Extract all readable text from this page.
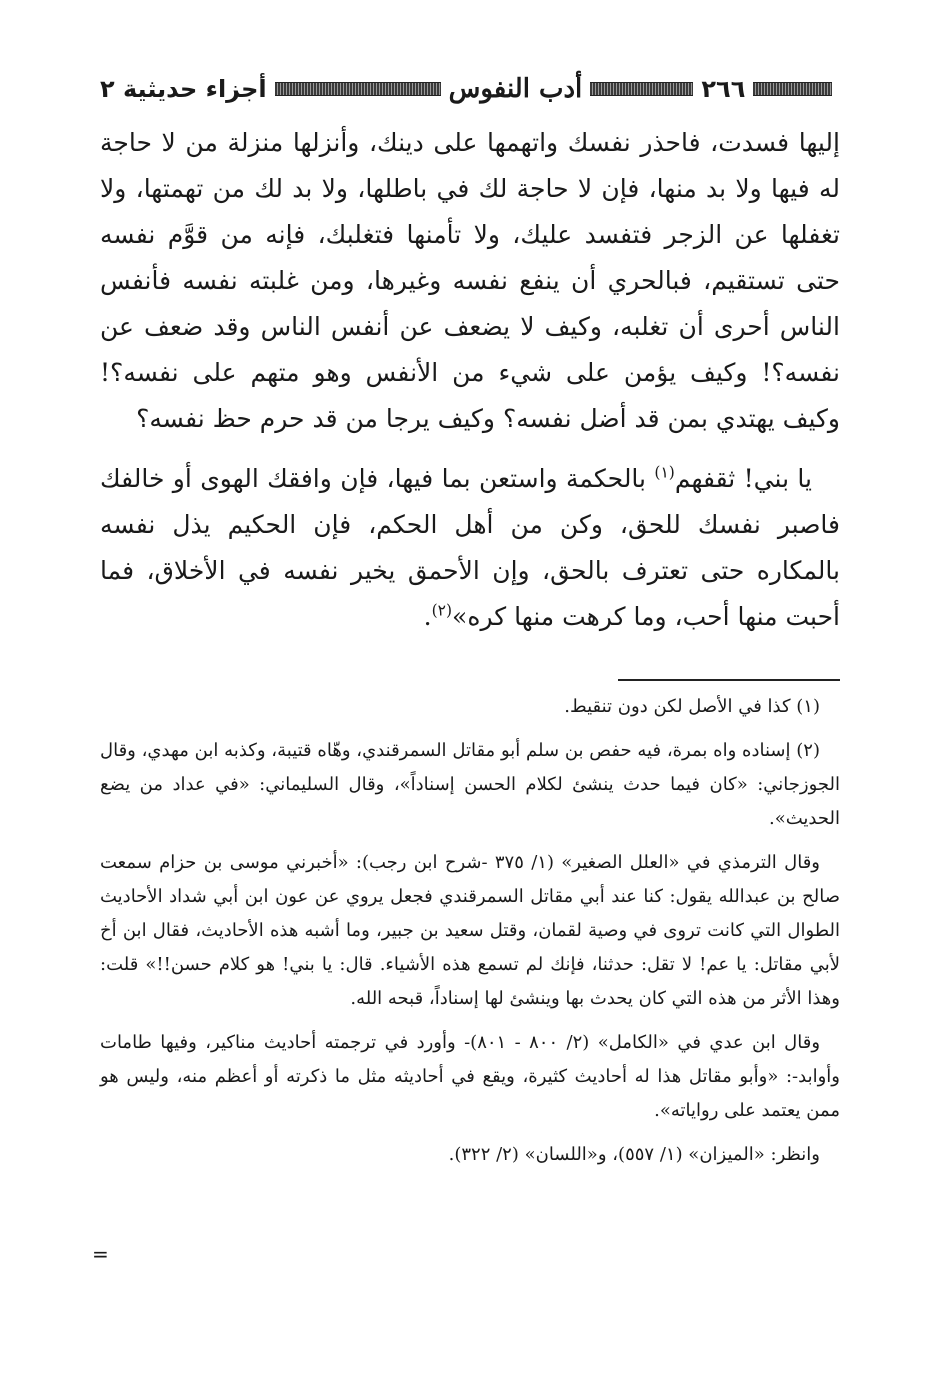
٢٦٦
أدب النفوس
أجزاء حديثية ٢

إليها فسدت، فاحذر نفسك واتهمها على دينك، وأنزلها منزلة من لا حاجة له فيها ولا بد منها، فإن لا حاجة لك في باطلها، ولا بد لك من تهمتها، ولا تغفلها عن الزجر فتفسد عليك، ولا تأمنها فتغلبك، فإنه من قوَّم نفسه حتى تستقيم، فبالحري أن ينفع نفسه وغيرها، ومن غلبته نفسه فأنفس الناس أحرى أن تغلبه، وكيف لا يضعف عن أنفس الناس وقد ضعف عن نفسه؟! وكيف يؤمن على شيء من الأنفس وهو متهم على نفسه؟! وكيف يهتدي بمن قد أضل نفسه؟ وكيف يرجا من قد حرم حظ نفسه؟

يا بني! ثقفهم$^{(١)}$ بالحكمة واستعن بما فيها، فإن وافقك الهوى أو خالفك فاصبر نفسك للحق، وكن من أهل الحكم، فإن الحكيم يذل نفسه بالمكاره حتى تعترف بالحق، وإن الأحمق يخير نفسه في الأخلاق، فما أحبت منها أحب، وما كرهت منها كره»$^{(٢)}$.

(١) كذا في الأصل لكن دون تنقيط.

(٢) إسناده واه بمرة، فيه حفص بن سلم أبو مقاتل السمرقندي، وهّاه قتيبة، وكذبه ابن مهدي، وقال الجوزجاني: «كان فيما حدث ينشئ لكلام الحسن إسناداً»، وقال السليماني: «في عداد من يضع الحديث».

وقال الترمذي في «العلل الصغير» (١/ ٣٧٥ -شرح ابن رجب): «أخبرني موسى بن حزام سمعت صالح بن عبدالله يقول: كنا عند أبي مقاتل السمرقندي فجعل يروي عن عون ابن أبي شداد الأحاديث الطوال التي كانت تروى في وصية لقمان، وقتل سعيد بن جبير، وما أشبه هذه الأحاديث، فقال ابن أخ لأبي مقاتل: يا عم! لا تقل: حدثنا، فإنك لم تسمع هذه الأشياء. قال: يا بني! هو كلام حسن!!» قلت: وهذا الأثر من هذه التي كان يحدث بها وينشئ لها إسناداً، قبحه الله.

وقال ابن عدي في «الكامل» (٢/ ٨٠٠ - ٨٠١)- وأورد في ترجمته أحاديث مناكير، وفيها طامات وأوابد-: «وأبو مقاتل هذا له أحاديث كثيرة، ويقع في أحاديثه مثل ما ذكرته أو أعظم منه، وليس هو ممن يعتمد على رواياته».

وانظر: «الميزان» (١/ ٥٥٧)، و«اللسان» (٢/ ٣٢٢).

=
